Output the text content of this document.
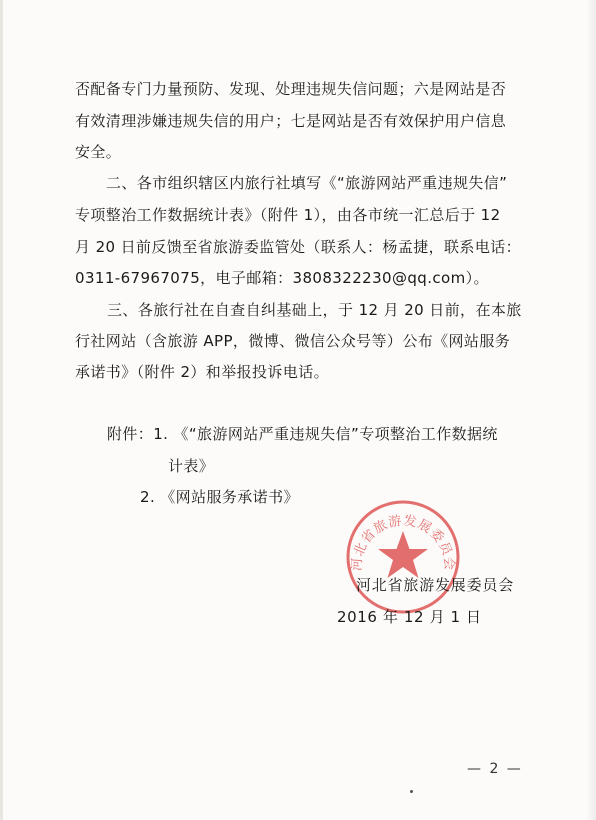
否配备专门力量预防、发现、处理违规失信问题；六是网站是否
有效清理涉嫌违规失信的用户；七是网站是否有效保护用户信息
安全。
二、各市组织辖区内旅行社填写《“旅游网站严重违规失信”
专项整治工作数据统计表》（附件 1），由各市统一汇总后于 12
月 20 日前反馈至省旅游委监管处（联系人：杨孟捷，联系电话：
0311-67967075，电子邮箱：3808322230@qq.com）。
三、各旅行社在自查自纠基础上，于 12 月 20 日前，在本旅
行社网站（含旅游 APP，微博、微信公众号等）公布《网站服务
承诺书》（附件 2）和举报投诉电话。
附件：1. 《“旅游网站严重违规失信”专项整治工作数据统
计表》
2. 《网站服务承诺书》
河北省旅游发展委员会
河北省旅游发展委员会
2016 年 12 月 1 日
— 2 —
